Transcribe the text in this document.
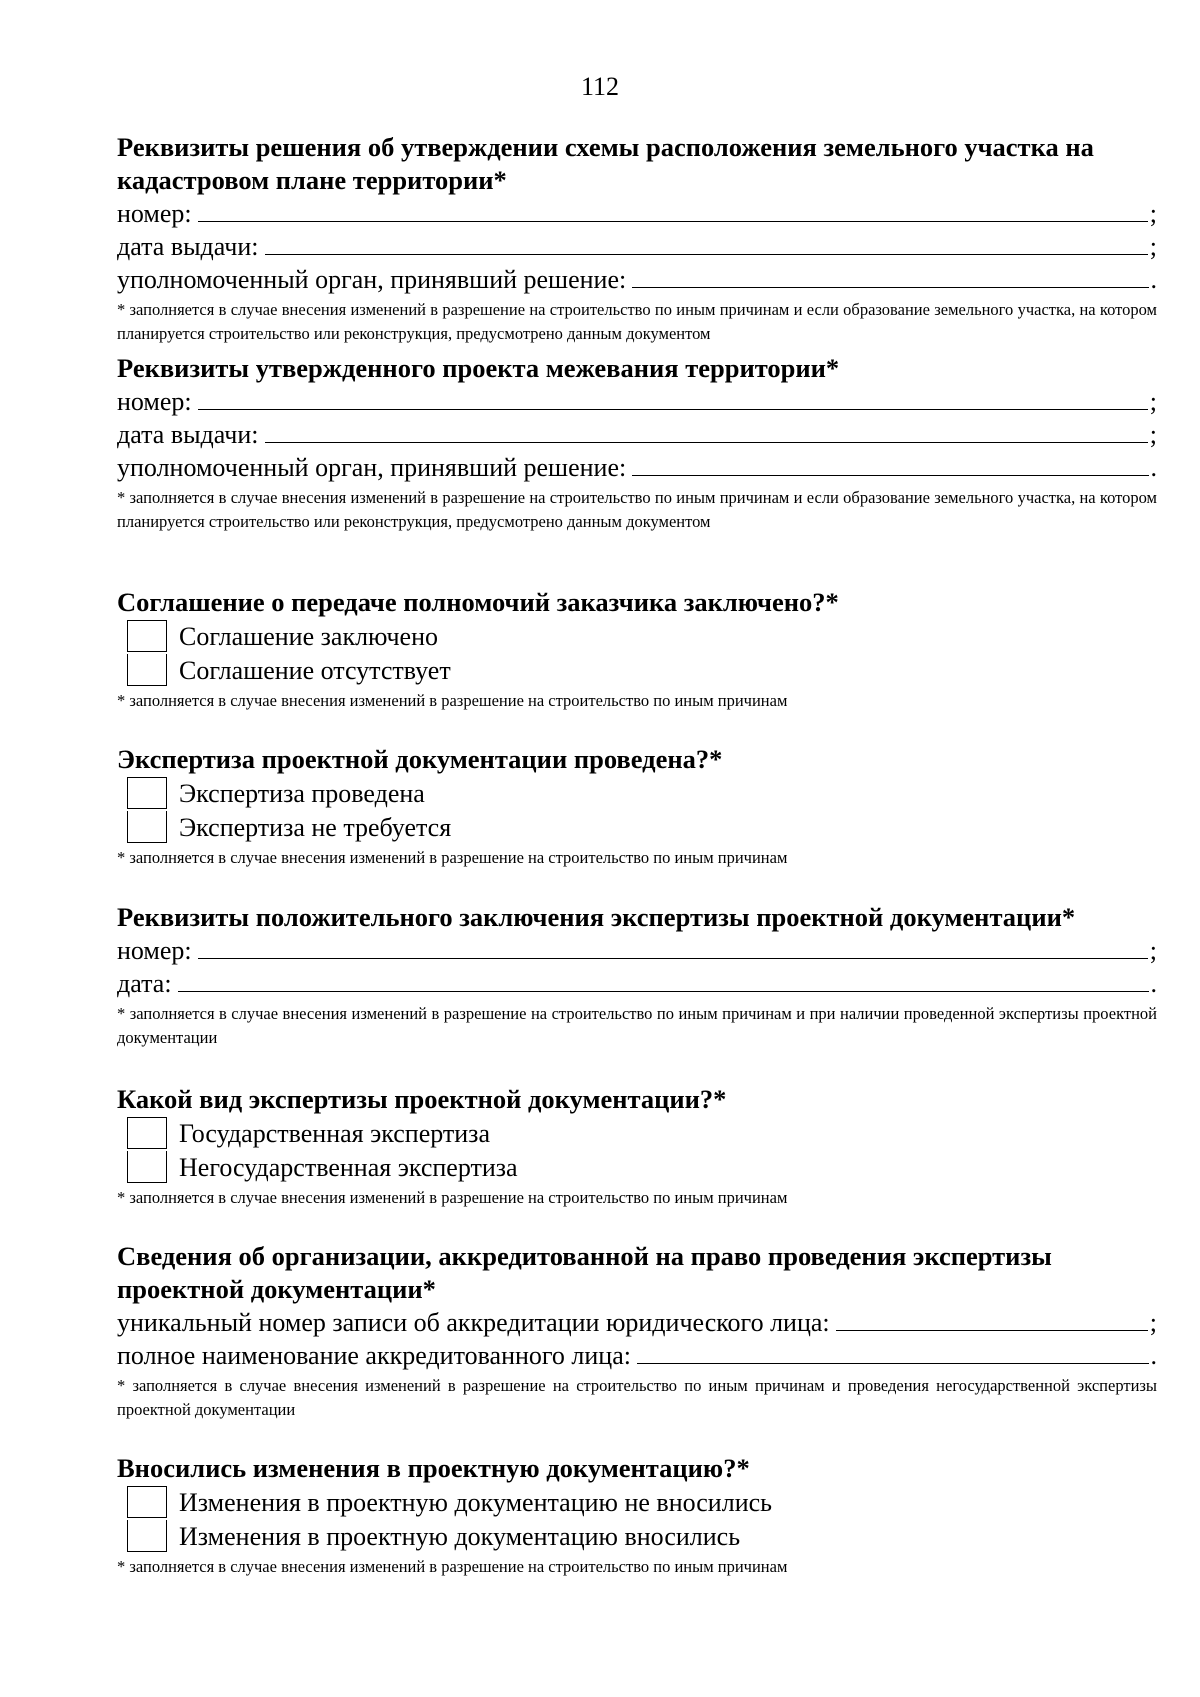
112
Реквизиты решения об утверждении схемы расположения земельного участка на кадастровом плане территории*
номер:	;
дата выдачи:	;
уполномоченный орган, принявший решение:	.
* заполняется в случае внесения изменений в разрешение на строительство по иным причинам и если образование земельного участка, на котором планируется строительство или реконструкция, предусмотрено данным документом
Реквизиты утвержденного проекта межевания территории*
номер:	;
дата выдачи:	;
уполномоченный орган, принявший решение:	.
* заполняется в случае внесения изменений в разрешение на строительство по иным причинам и если образование земельного участка, на котором планируется строительство или реконструкция, предусмотрено данным документом
Соглашение о передаче полномочий заказчика заключено?*
Соглашение заключено
Соглашение отсутствует
* заполняется в случае внесения изменений в разрешение на строительство по иным причинам
Экспертиза проектной документации проведена?*
Экспертиза проведена
Экспертиза не требуется
* заполняется в случае внесения изменений в разрешение на строительство по иным причинам
Реквизиты положительного заключения экспертизы проектной документации*
номер:	;
дата:	.
* заполняется в случае внесения изменений в разрешение на строительство по иным причинам и при наличии проведенной экспертизы проектной документации
Какой вид экспертизы проектной документации?*
Государственная экспертиза
Негосударственная экспертиза
* заполняется в случае внесения изменений в разрешение на строительство по иным причинам
Сведения об организации, аккредитованной на право проведения экспертизы проектной документации*
уникальный номер записи об аккредитации юридического лица:	;
полное наименование аккредитованного лица:	.
* заполняется в случае внесения изменений в разрешение на строительство по иным причинам и проведения негосударственной экспертизы проектной документации
Вносились изменения в проектную документацию?*
Изменения в проектную документацию не вносились
Изменения в проектную документацию вносились
* заполняется в случае внесения изменений в разрешение на строительство по иным причинам
